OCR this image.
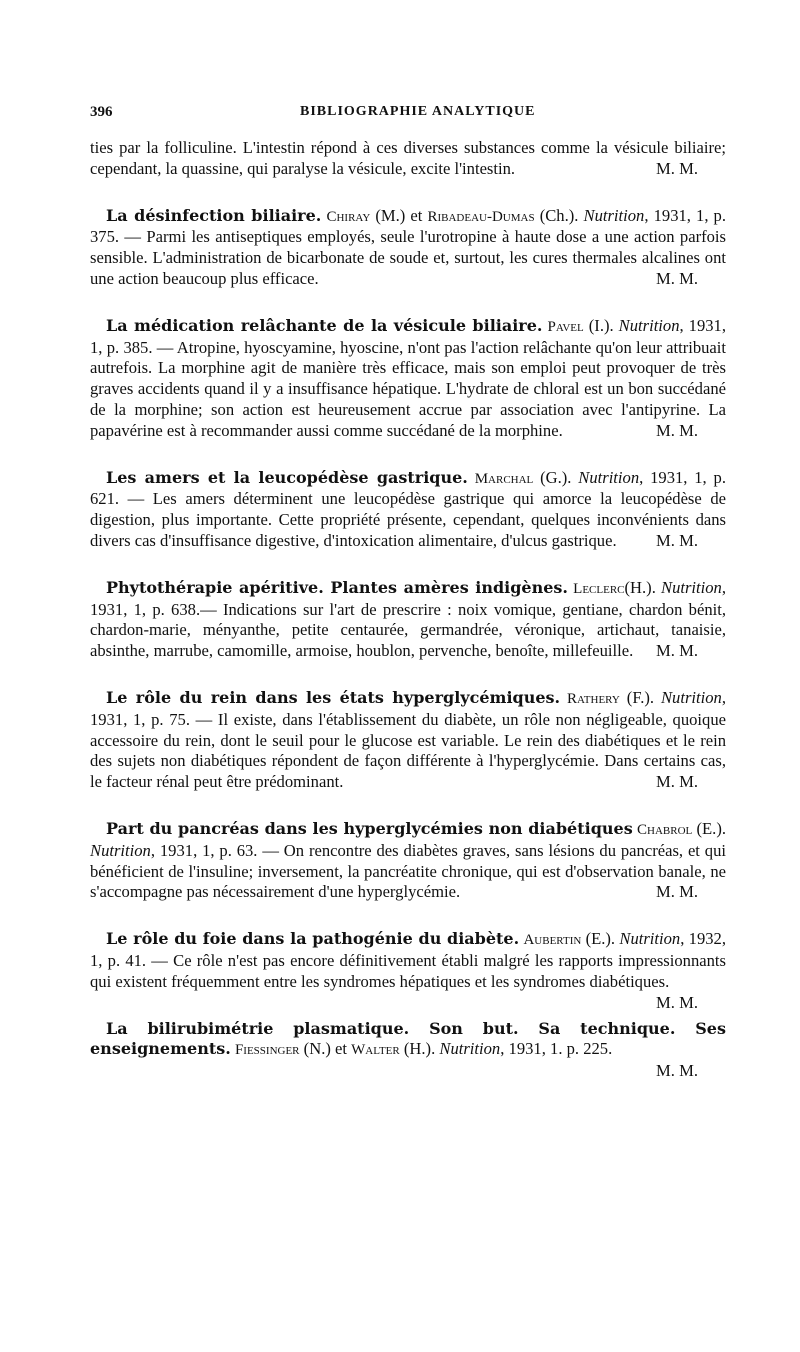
396	BIBLIOGRAPHIE ANALYTIQUE

ties par la folliculine. L'intestin répond à ces diverses substances comme la vésicule biliaire; cependant, la quassine, qui paralyse la vésicule, excite l'intestin.	M. M.

La désinfection biliaire. Chiray (M.) et Ribadeau-Dumas (Ch.). Nutrition, 1931, 1, p. 375. — Parmi les antiseptiques employés, seule l'urotropine à haute dose a une action parfois sensible. L'administration de bicarbonate de soude et, surtout, les cures thermales alcalines ont une action beaucoup plus efficace.	M. M.

La médication relâchante de la vésicule biliaire. Pavel (I.). Nutrition, 1931, 1, p. 385. — Atropine, hyoscyamine, hyoscine, n'ont pas l'action relâchante qu'on leur attribuait autrefois. La morphine agit de manière très efficace, mais son emploi peut provoquer de très graves accidents quand il y a insuffisance hépatique. L'hydrate de chloral est un bon succédané de la morphine; son action est heureusement accrue par association avec l'antipyrine. La papavérine est à recommander aussi comme succédané de la morphine.	M. M.

Les amers et la leucopédèse gastrique. Marchal (G.). Nutrition, 1931, 1, p. 621. — Les amers déterminent une leucopédèse gastrique qui amorce la leucopédèse de digestion, plus importante. Cette propriété présente, cependant, quelques inconvénients dans divers cas d'insuffisance digestive, d'intoxication alimentaire, d'ulcus gastrique.	M. M.

Phytothérapie apéritive. Plantes amères indigènes. Leclerc(H.). Nutrition, 1931, 1, p. 638.— Indications sur l'art de prescrire : noix vomique, gentiane, chardon bénit, chardon-marie, ményanthe, petite centaurée, germandrée, véronique, artichaut, tanaisie, absinthe, marrube, camomille, armoise, houblon, pervenche, benoîte, millefeuille.	M. M.

Le rôle du rein dans les états hyperglycémiques. Rathery (F.). Nutrition, 1931, 1, p. 75. — Il existe, dans l'établissement du diabète, un rôle non négligeable, quoique accessoire du rein, dont le seuil pour le glucose est variable. Le rein des diabétiques et le rein des sujets non diabétiques répondent de façon différente à l'hyperglycémie. Dans certains cas, le facteur rénal peut être prédominant.	M. M.

Part du pancréas dans les hyperglycémies non diabétiques Chabrol (E.). Nutrition, 1931, 1, p. 63. — On rencontre des diabètes graves, sans lésions du pancréas, et qui bénéficient de l'insuline; inversement, la pancréatite chronique, qui est d'observation banale, ne s'accompagne pas nécessairement d'une hyperglycémie.	M. M.

Le rôle du foie dans la pathogénie du diabète. Aubertin (E.). Nutrition, 1932, 1, p. 41. — Ce rôle n'est pas encore définitivement établi malgré les rapports impressionnants qui existent fréquemment entre les syndromes hépatiques et les syndromes diabétiques.
M. M.

La bilirubimétrie plasmatique. Son but. Sa technique. Ses enseignements. Fiessinger (N.) et Walter (H.). Nutrition, 1931, 1. p. 225.
M. M.
